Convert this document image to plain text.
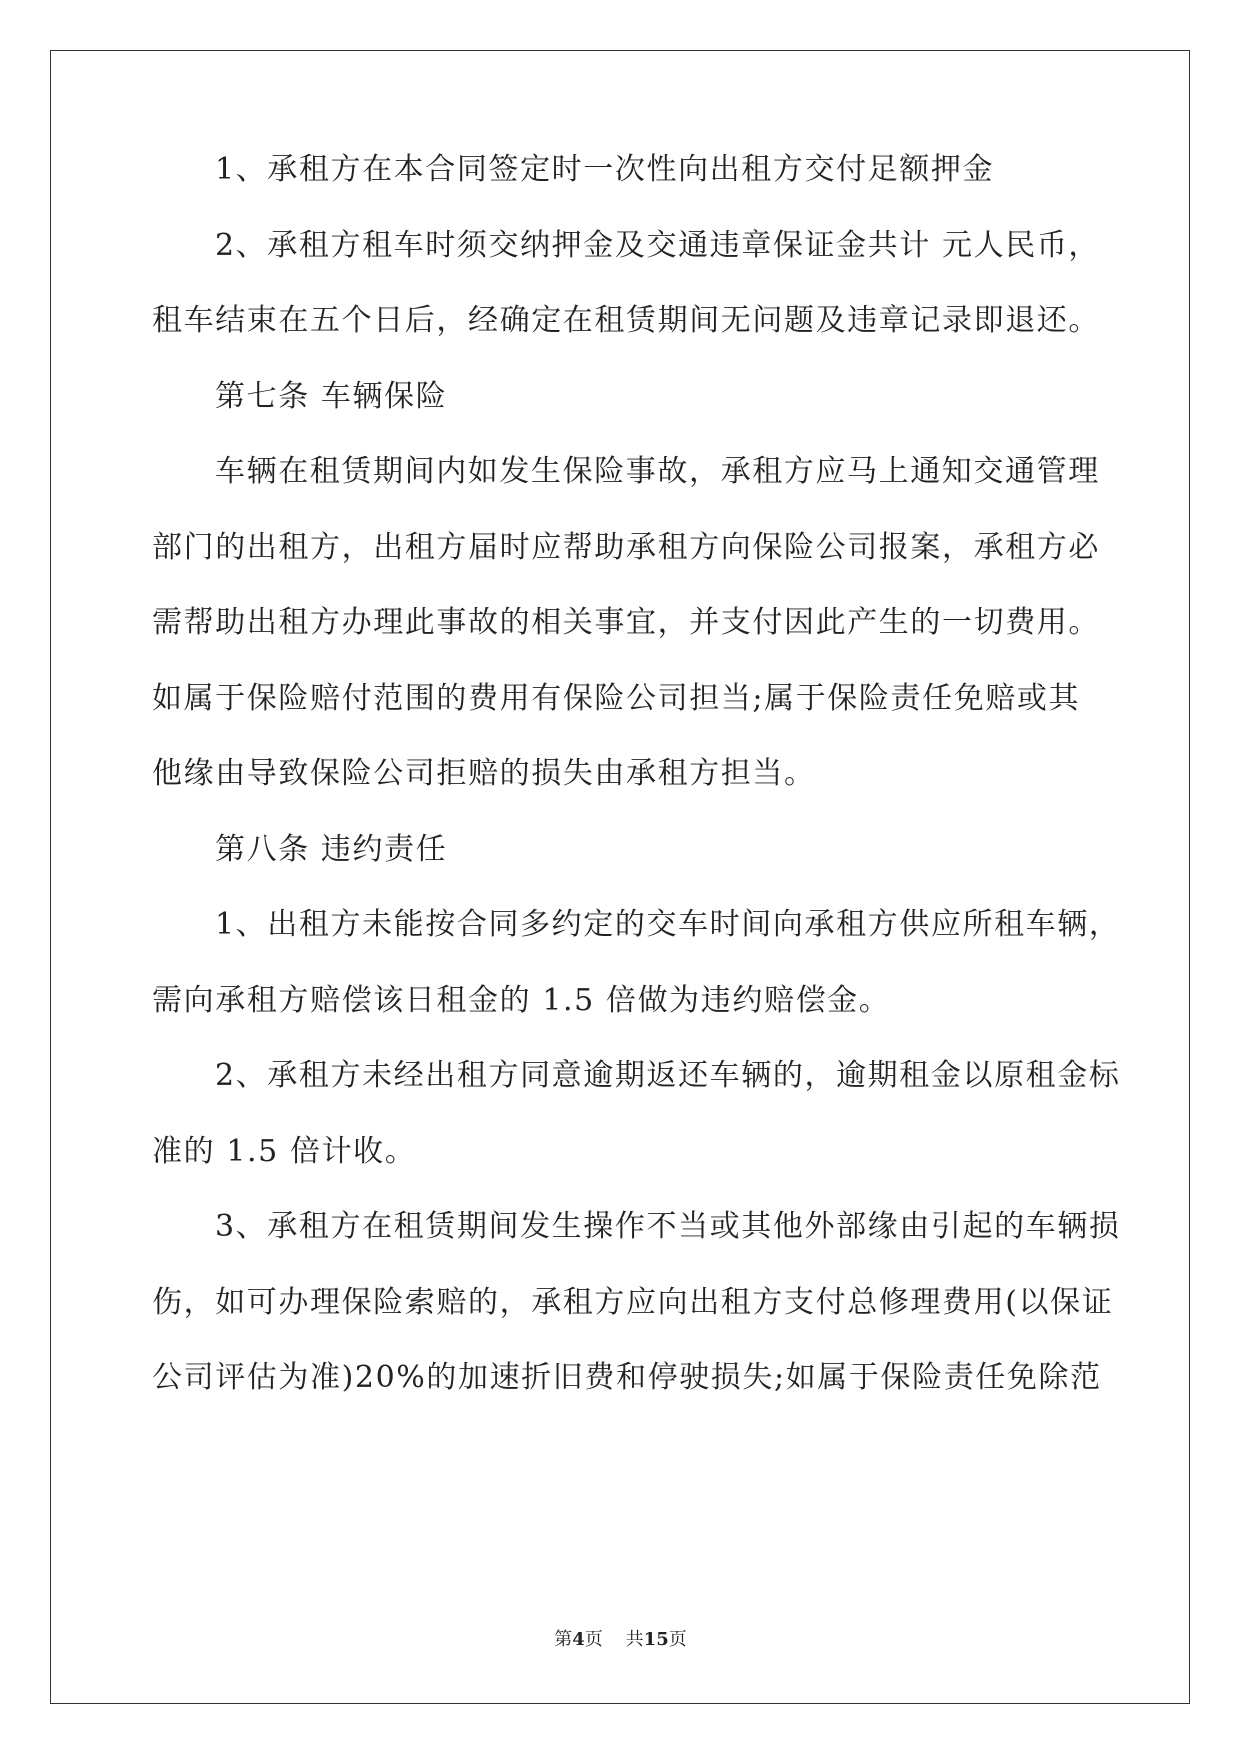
1、承租方在本合同签定时一次性向出租方交付足额押金

2、承租方租车时须交纳押金及交通违章保证金共计 元人民币，

租车结束在五个日后，经确定在租赁期间无问题及违章记录即退还。

第七条 车辆保险

车辆在租赁期间内如发生保险事故，承租方应马上通知交通管理

部门的出租方，出租方届时应帮助承租方向保险公司报案，承租方必

需帮助出租方办理此事故的相关事宜，并支付因此产生的一切费用。

如属于保险赔付范围的费用有保险公司担当;属于保险责任免赔或其

他缘由导致保险公司拒赔的损失由承租方担当。

第八条 违约责任

1、出租方未能按合同多约定的交车时间向承租方供应所租车辆，

需向承租方赔偿该日租金的 1.5 倍做为违约赔偿金。

2、承租方未经出租方同意逾期返还车辆的，逾期租金以原租金标

准的 1.5 倍计收。

3、承租方在租赁期间发生操作不当或其他外部缘由引起的车辆损

伤，如可办理保险索赔的，承租方应向出租方支付总修理费用(以保证

公司评估为准)20%的加速折旧费和停驶损失;如属于保险责任免除范

第4页    共15页
